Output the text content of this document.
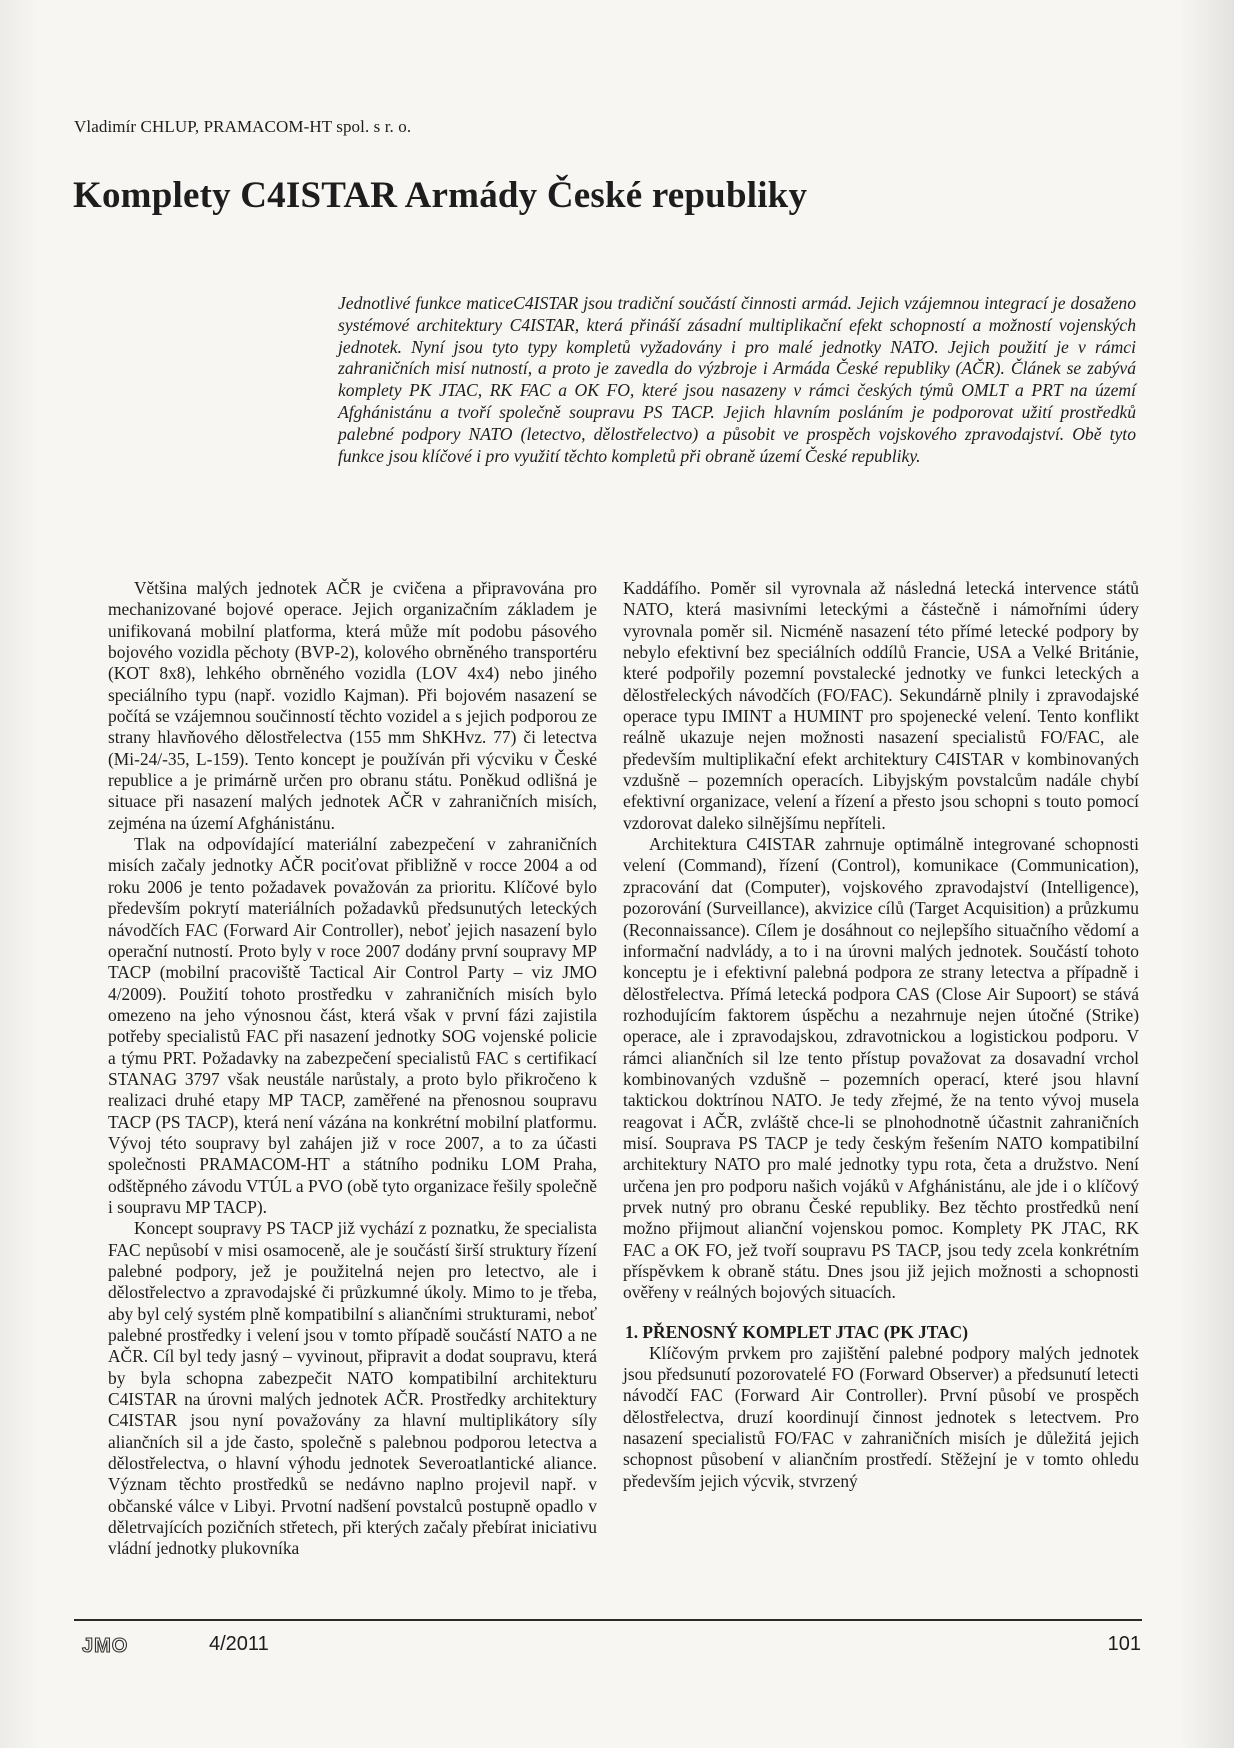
Vladimír CHLUP, PRAMACOM-HT spol. s r. o.
Komplety C4ISTAR Armády České republiky
Jednotlivé funkce maticeC4ISTAR jsou tradiční součástí činnosti armád. Jejich vzájemnou integrací je dosaženo systémové architektury C4ISTAR, která přináší zásadní multiplikační efekt schopností a možností vojenských jednotek. Nyní jsou tyto typy kompletů vyžadovány i pro malé jednotky NATO. Jejich použití je v rámci zahraničních misí nutností, a proto je zavedla do výzbroje i Armáda České republiky (AČR). Článek se zabývá komplety PK JTAC, RK FAC a OK FO, které jsou nasazeny v rámci českých týmů OMLT a PRT na území Afghánistánu a tvoří společně soupravu PS TACP. Jejich hlavním posláním je podporovat užití prostředků palebné podpory NATO (letectvo, dělostřelectvo) a působit ve prospěch vojskového zpravodajství. Obě tyto funkce jsou klíčové i pro využití těchto kompletů při obraně území České republiky.

Většina malých jednotek AČR je cvičena a připravována pro mechanizované bojové operace. Jejich organizačním základem je unifikovaná mobilní platforma, která může mít podobu pásového bojového vozidla pěchoty (BVP-2), kolového obrněného transportéru (KOT 8x8), lehkého obrněného vozidla (LOV 4x4) nebo jiného speciálního typu (např. vozidlo Kajman). Při bojovém nasazení se počítá se vzájemnou součinností těchto vozidel a s jejich podporou ze strany hlavňového dělostřelectva (155 mm ShKHvz. 77) či letectva (Mi-24/-35, L-159). Tento koncept je používán při výcviku v České republice a je primárně určen pro obranu státu. Poněkud odlišná je situace při nasazení malých jednotek AČR v zahraničních misích, zejména na území Afghánistánu.

Tlak na odpovídající materiální zabezpečení v zahraničních misích začaly jednotky AČR pociťovat přibližně v rocce 2004 a od roku 2006 je tento požadavek považován za prioritu. Klíčové bylo především pokrytí materiálních požadavků předsunutých leteckých návodčích FAC (Forward Air Controller), neboť jejich nasazení bylo operační nutností. Proto byly v roce 2007 dodány první soupravy MP TACP (mobilní pracoviště Tactical Air Control Party – viz JMO 4/2009). Použití tohoto prostředku v zahraničních misích bylo omezeno na jeho výnosnou část, která však v první fázi zajistila potřeby specialistů FAC při nasazení jednotky SOG vojenské policie a týmu PRT. Požadavky na zabezpečení specialistů FAC s certifikací STANAG 3797 však neustále narůstaly, a proto bylo přikročeno k realizaci druhé etapy MP TACP, zaměřené na přenosnou soupravu TACP (PS TACP), která není vázána na konkrétní mobilní platformu. Vývoj této soupravy byl zahájen již v roce 2007, a to za účasti společnosti PRAMACOM-HT a státního podniku LOM Praha, odštěpného závodu VTÚL a PVO (obě tyto organizace řešily společně i soupravu MP TACP).

Koncept soupravy PS TACP již vychází z poznatku, že specialista FAC nepůsobí v misi osamoceně, ale je součástí širší struktury řízení palebné podpory, jež je použitelná nejen pro letectvo, ale i dělostřelectvo a zpravodajské či průzkumné úkoly. Mimo to je třeba, aby byl celý systém plně kompatibilní s aliančními strukturami, neboť palebné prostředky i velení jsou v tomto případě součástí NATO a ne AČR. Cíl byl tedy jasný – vyvinout, připravit a dodat soupravu, která by byla schopna zabezpečit NATO kompatibilní architekturu C4ISTAR na úrovni malých jednotek AČR. Prostředky architektury C4ISTAR jsou nyní považovány za hlavní multiplikátory síly aliančních sil a jde často, společně s palebnou podporou letectva a dělostřelectva, o hlavní výhodu jednotek Severoatlantické aliance. Význam těchto prostředků se nedávno naplno projevil např. v občanské válce v Libyi. Prvotní nadšení povstalců postupně opadlo v děletrvajících pozičních střetech, při kterých začaly přebírat iniciativu vládní jednotky plukovníka

Kaddáfího. Poměr sil vyrovnala až následná letecká intervence států NATO, která masivními leteckými a částečně i námořními údery vyrovnala poměr sil. Nicméně nasazení této přímé letecké podpory by nebylo efektivní bez speciálních oddílů Francie, USA a Velké Británie, které podpořily pozemní povstalecké jednotky ve funkci leteckých a dělostřeleckých návodčích (FO/FAC). Sekundárně plnily i zpravodajské operace typu IMINT a HUMINT pro spojenecké velení. Tento konflikt reálně ukazuje nejen možnosti nasazení specialistů FO/FAC, ale především multiplikační efekt architektury C4ISTAR v kombinovaných vzdušně – pozemních operacích. Libyjským povstalcům nadále chybí efektivní organizace, velení a řízení a přesto jsou schopni s touto pomocí vzdorovat daleko silnějšímu nepříteli.

Architektura C4ISTAR zahrnuje optimálně integrované schopnosti velení (Command), řízení (Control), komunikace (Communication), zpracování dat (Computer), vojskového zpravodajství (Intelligence), pozorování (Surveillance), akvizice cílů (Target Acquisition) a průzkumu (Reconnaissance). Cílem je dosáhnout co nejlepšího situačního vědomí a informační nadvlády, a to i na úrovni malých jednotek. Součástí tohoto konceptu je i efektivní palebná podpora ze strany letectva a případně i dělostřelectva. Přímá letecká podpora CAS (Close Air Supoort) se stává rozhodujícím faktorem úspěchu a nezahrnuje nejen útočné (Strike) operace, ale i zpravodajskou, zdravotnickou a logistickou podporu. V rámci aliančních sil lze tento přístup považovat za dosavadní vrchol kombinovaných vzdušně – pozemních operací, které jsou hlavní taktickou doktrínou NATO. Je tedy zřejmé, že na tento vývoj musela reagovat i AČR, zvláště chce-li se plnohodnotně účastnit zahraničních misí. Souprava PS TACP je tedy českým řešením NATO kompatibilní architektury NATO pro malé jednotky typu rota, četa a družstvo. Není určena jen pro podporu našich vojáků v Afghánistánu, ale jde i o klíčový prvek nutný pro obranu České republiky. Bez těchto prostředků není možno přijmout alianční vojenskou pomoc. Komplety PK JTAC, RK FAC a OK FO, jež tvoří soupravu PS TACP, jsou tedy zcela konkrétním příspěvkem k obraně státu. Dnes jsou již jejich možnosti a schopnosti ověřeny v reálných bojových situacích.

1. PŘENOSNÝ KOMPLET JTAC (PK JTAC)

Klíčovým prvkem pro zajištění palebné podpory malých jednotek jsou předsunutí pozorovatelé FO (Forward Observer) a předsunutí letecti návodčí FAC (Forward Air Controller). První působí ve prospěch dělostřelectva, druzí koordinují činnost jednotek s letectvem. Pro nasazení specialistů FO/FAC v zahraničních misích je důležitá jejich schopnost působení v aliančním prostředí. Stěžejní je v tomto ohledu především jejich výcvik, stvrzený

JMO	4/2011	101
